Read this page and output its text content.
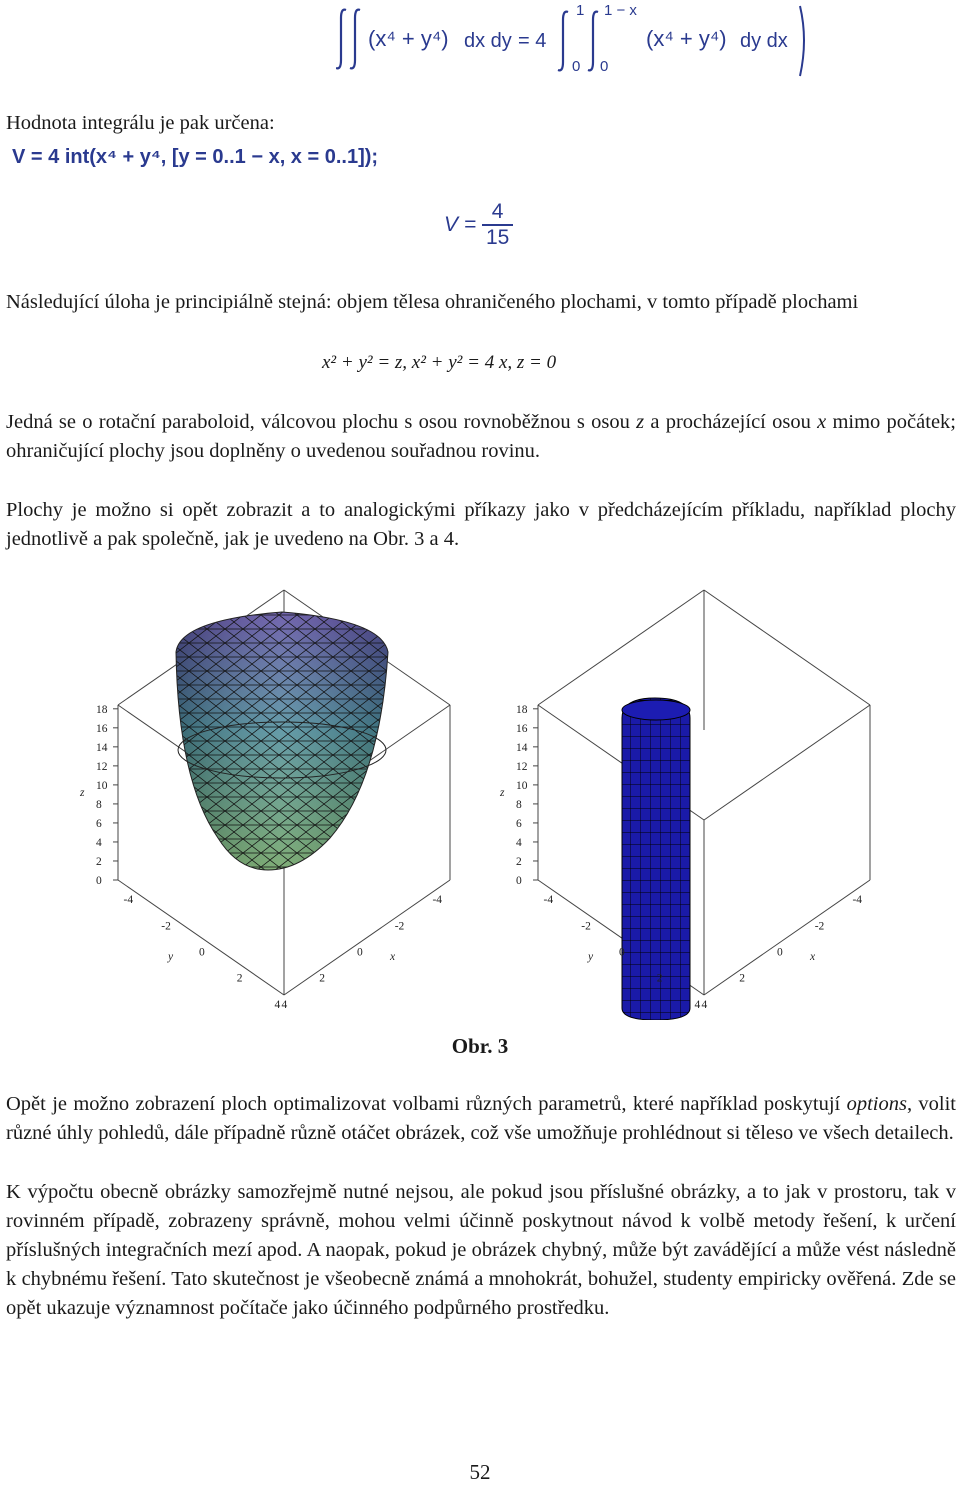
(x⁴ + y⁴) dx dy = 4
1 1 − x
0 0
(x⁴ + y⁴) dy dx
Hodnota integrálu je pak určena:
V = 4 int(x⁴ + y⁴, [y = 0..1 − x, x = 0..1]);
$V = \frac{4}{15}$

Následující úloha je principiálně stejná: objem tělesa ohraničeného plochami, v tomto případě plochami

x² + y² = z, x² + y² = 4 x, z = 0

Jedná se o rotační paraboloid, válcovou plochu s osou rovnoběžnou s osou z a procházející osou x mimo počátek; ohraničující plochy jsou doplněny o uvedenou souřadnou rovinu.

Plochy je možno si opět zobrazit a to analogickými příkazy jako v předcházejícím příkladu, například plochy jednotlivě a pak společně, jak je uvedeno na Obr. 3 a 4.

0
2
4
6
8
10
12
14
16
18
z
-4
-2
0
2
4
y
-4
-2
0
2
4
x
0
2
4
6
8
10
12
14
16
18
z
-4
-2
0
2
4
y
-4
-2
0
2
4
x
Obr. 3

Opět je možno zobrazení ploch optimalizovat volbami různých parametrů, které například poskytují options, volit různé úhly pohledů, dále případně různě otáčet obrázek, což vše umožňuje prohlédnout si těleso ve všech detailech.

K výpočtu obecně obrázky samozřejmě nutné nejsou, ale pokud jsou příslušné obrázky, a to jak v prostoru, tak v rovinném případě, zobrazeny správně, mohou velmi účinně poskytnout návod k volbě metody řešení, k určení příslušných integračních mezí apod. A naopak, pokud je obrázek chybný, může být zavádějící a může vést následně k chybnému řešení. Tato skutečnost je všeobecně známá a mnohokrát, bohužel, studenty empiricky ověřená. Zde se opět ukazuje významnost počítače jako účinného podpůrného prostředku.

52
